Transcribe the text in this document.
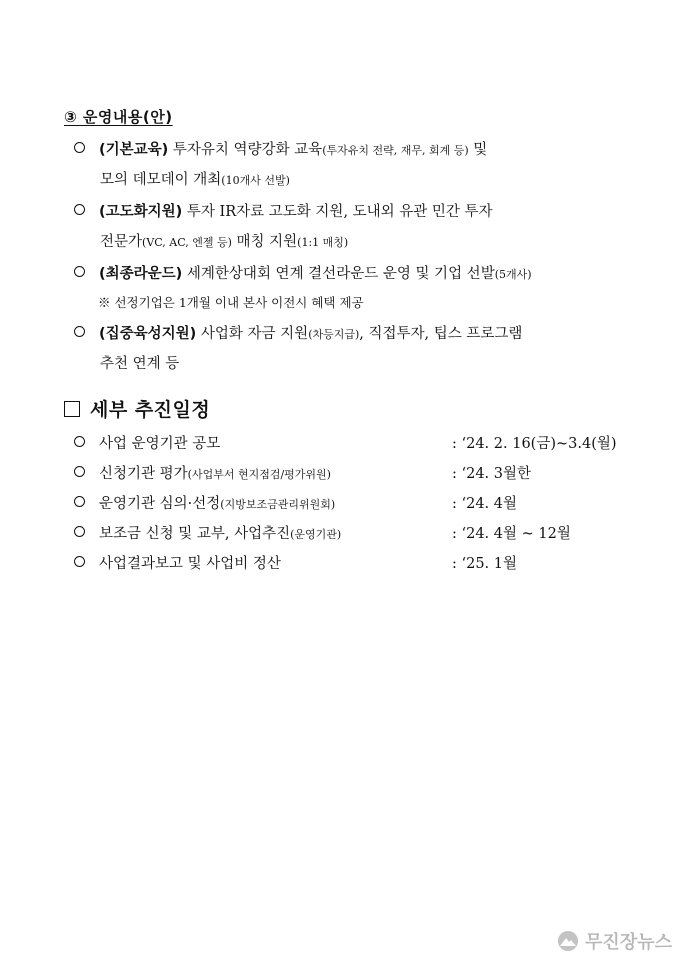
③ 운영내용(안)
(기본교육) 투자유치 역량강화 교육(투자유치 전략, 재무, 회계 등) 및
모의 데모데이 개최(10개사 선발)
(고도화지원) 투자 IR자료 고도화 지원, 도내외 유관 민간 투자
전문가(VC, AC, 엔젤 등) 매칭 지원(1:1 매칭)
(최종라운드) 세계한상대회 연계 결선라운드 운영 및 기업 선발(5개사)
※ 선정기업은 1개월 이내 본사 이전시 혜택 제공
(집중육성지원) 사업화 자금 지원(차등지급), 직접투자, 팁스 프로그램
추천 연계 등
세부 추진일정
사업 운영기관 공모	: ‘24. 2. 16(금)~3.4(월)
신청기관 평가(사업부서 현지점검/평가위원)	: ‘24. 3월한
운영기관 심의·선정(지방보조금관리위원회)	: ‘24. 4월
보조금 신청 및 교부, 사업추진(운영기관)	: ‘24. 4월 ~ 12월
사업결과보고 및 사업비 정산	: ‘25. 1월
무진장뉴스
